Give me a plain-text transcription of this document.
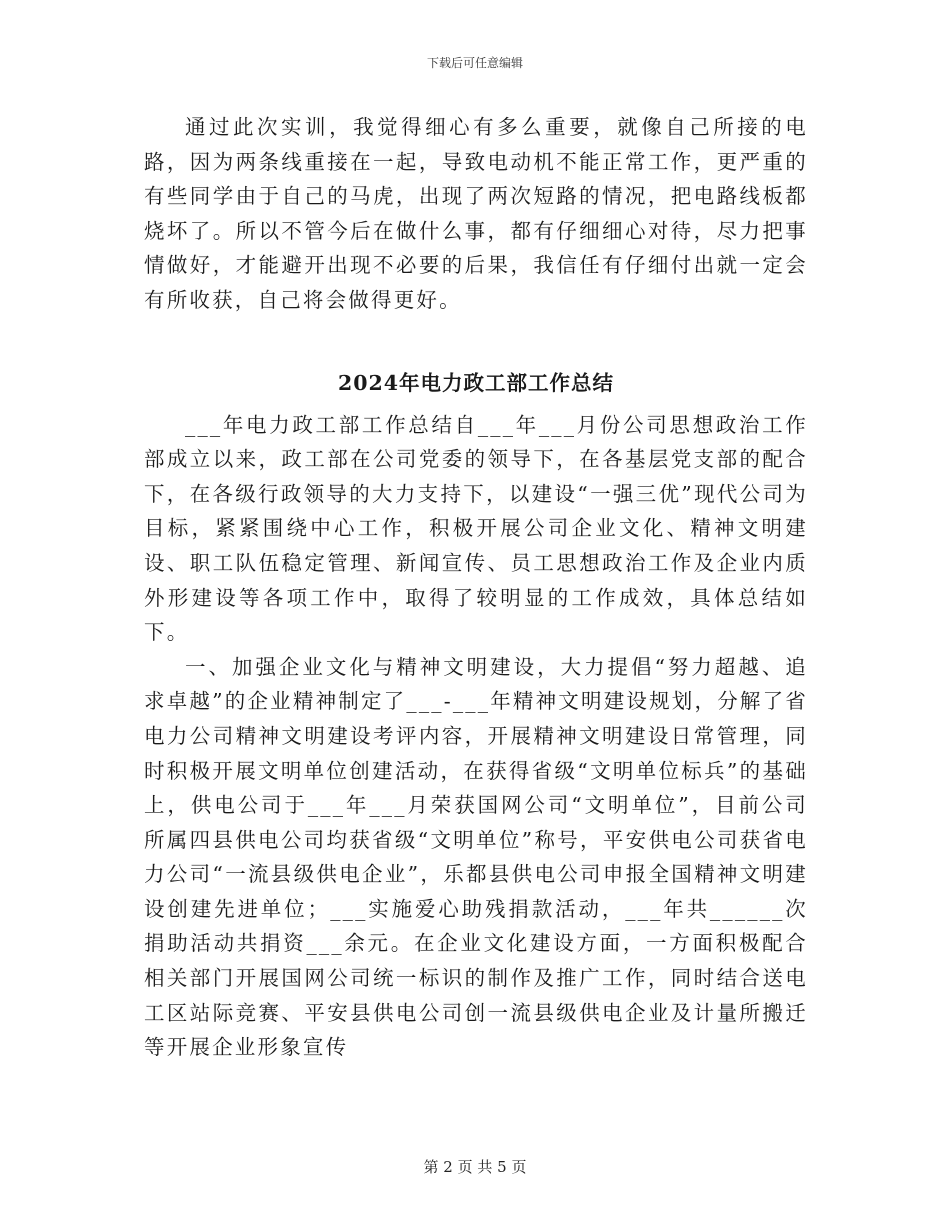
下载后可任意编辑

通过此次实训，我觉得细心有多么重要，就像自己所接的电路，因为两条线重接在一起，导致电动机不能正常工作，更严重的有些同学由于自己的马虎，出现了两次短路的情况，把电路线板都烧坏了。所以不管今后在做什么事，都有仔细细心对待，尽力把事情做好，才能避开出现不必要的后果，我信任有仔细付出就一定会有所收获，自己将会做得更好。

2024年电力政工部工作总结

___年电力政工部工作总结自___年___月份公司思想政治工作部成立以来，政工部在公司党委的领导下，在各基层党支部的配合下，在各级行政领导的大力支持下，以建设“一强三优”现代公司为目标，紧紧围绕中心工作，积极开展公司企业文化、精神文明建设、职工队伍稳定管理、新闻宣传、员工思想政治工作及企业内质外形建设等各项工作中，取得了较明显的工作成效，具体总结如下。

一、加强企业文化与精神文明建设，大力提倡“努力超越、追求卓越”的企业精神制定了___-___年精神文明建设规划，分解了省电力公司精神文明建设考评内容，开展精神文明建设日常管理，同时积极开展文明单位创建活动，在获得省级“文明单位标兵”的基础上，供电公司于___年___月荣获国网公司“文明单位”，目前公司所属四县供电公司均获省级“文明单位”称号，平安供电公司获省电力公司“一流县级供电企业”，乐都县供电公司申报全国精神文明建设创建先进单位；___实施爱心助残捐款活动，___年共______次捐助活动共捐资___余元。在企业文化建设方面，一方面积极配合相关部门开展国网公司统一标识的制作及推广工作，同时结合送电工区站际竞赛、平安县供电公司创一流县级供电企业及计量所搬迁等开展企业形象宣传

第 2 页 共 5 页
